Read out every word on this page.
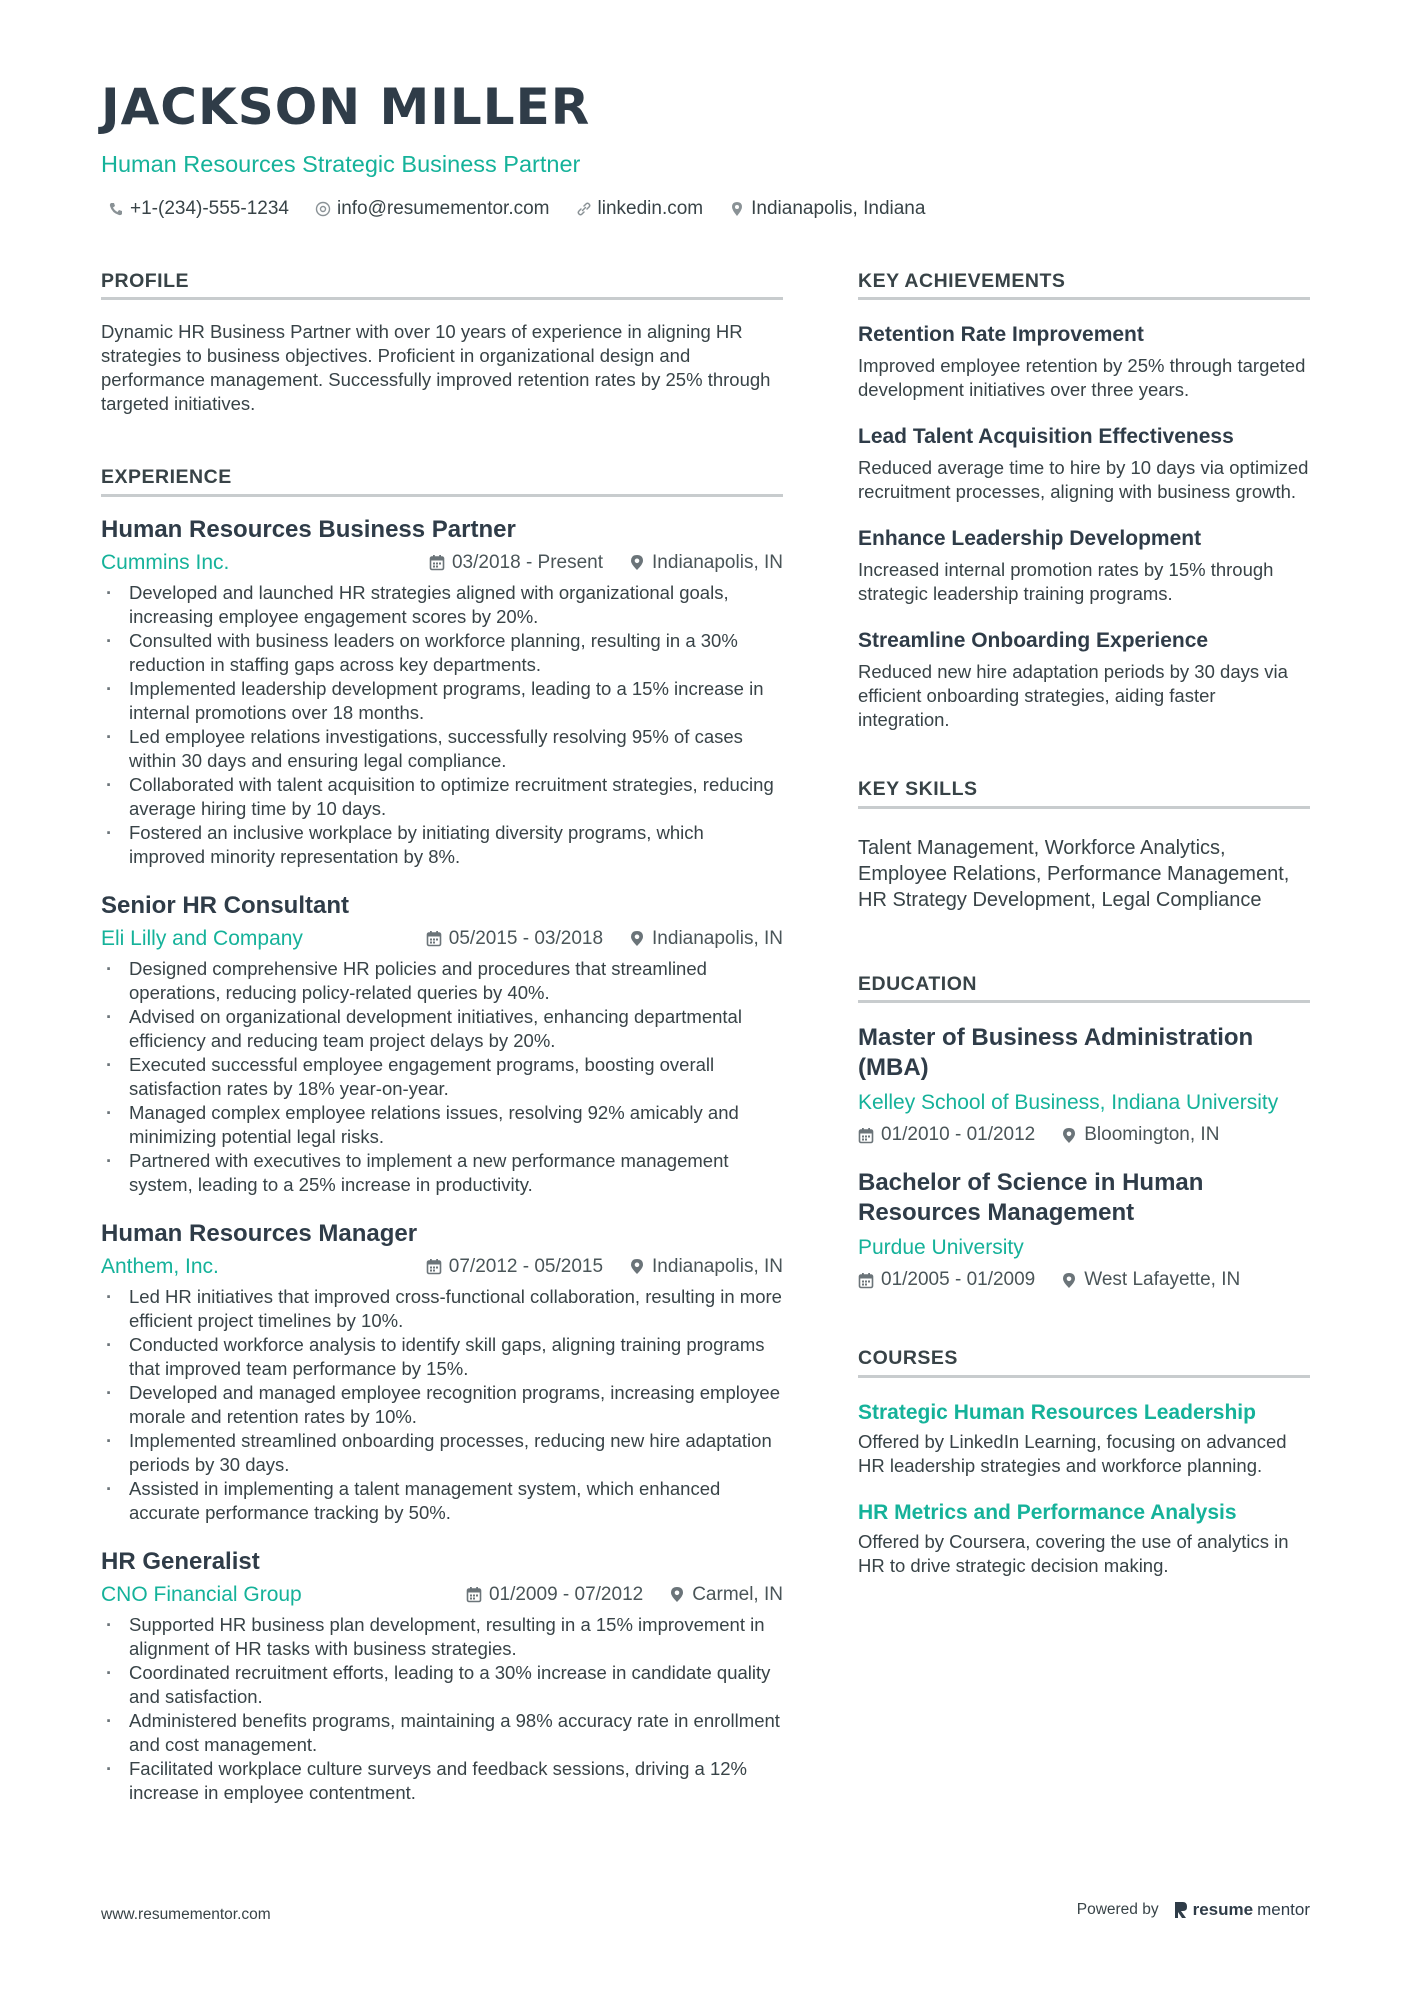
JACKSON MILLER
Human Resources Strategic Business Partner
+1-(234)-555-1234	info@resumementor.com	linkedin.com	Indianapolis, Indiana
PROFILE

Dynamic HR Business Partner with over 10 years of experience in aligning HR strategies to business objectives. Proficient in organizational design and performance management. Successfully improved retention rates by 25% through targeted initiatives.

EXPERIENCE
Human Resources Business Partner
Cummins Inc.	03/2018 - Present	Indianapolis, IN
· Developed and launched HR strategies aligned with organizational goals, increasing employee engagement scores by 20%.
· Consulted with business leaders on workforce planning, resulting in a 30% reduction in staffing gaps across key departments.
· Implemented leadership development programs, leading to a 15% increase in internal promotions over 18 months.
· Led employee relations investigations, successfully resolving 95% of cases within 30 days and ensuring legal compliance.
· Collaborated with talent acquisition to optimize recruitment strategies, reducing average hiring time by 10 days.
· Fostered an inclusive workplace by initiating diversity programs, which improved minority representation by 8%.
Senior HR Consultant
Eli Lilly and Company	05/2015 - 03/2018	Indianapolis, IN
· Designed comprehensive HR policies and procedures that streamlined operations, reducing policy-related queries by 40%.
· Advised on organizational development initiatives, enhancing departmental efficiency and reducing team project delays by 20%.
· Executed successful employee engagement programs, boosting overall satisfaction rates by 18% year-on-year.
· Managed complex employee relations issues, resolving 92% amicably and minimizing potential legal risks.
· Partnered with executives to implement a new performance management system, leading to a 25% increase in productivity.
Human Resources Manager
Anthem, Inc.	07/2012 - 05/2015	Indianapolis, IN
· Led HR initiatives that improved cross-functional collaboration, resulting in more efficient project timelines by 10%.
· Conducted workforce analysis to identify skill gaps, aligning training programs that improved team performance by 15%.
· Developed and managed employee recognition programs, increasing employee morale and retention rates by 10%.
· Implemented streamlined onboarding processes, reducing new hire adaptation periods by 30 days.
· Assisted in implementing a talent management system, which enhanced accurate performance tracking by 50%.
HR Generalist
CNO Financial Group	01/2009 - 07/2012	Carmel, IN
· Supported HR business plan development, resulting in a 15% improvement in alignment of HR tasks with business strategies.
· Coordinated recruitment efforts, leading to a 30% increase in candidate quality and satisfaction.
· Administered benefits programs, maintaining a 98% accuracy rate in enrollment and cost management.
· Facilitated workplace culture surveys and feedback sessions, driving a 12% increase in employee contentment.
KEY ACHIEVEMENTS
Retention Rate Improvement

Improved employee retention by 25% through targeted development initiatives over three years.

Lead Talent Acquisition Effectiveness

Reduced average time to hire by 10 days via optimized recruitment processes, aligning with business growth.

Enhance Leadership Development

Increased internal promotion rates by 15% through strategic leadership training programs.

Streamline Onboarding Experience

Reduced new hire adaptation periods by 30 days via efficient onboarding strategies, aiding faster integration.

KEY SKILLS

Talent Management, Workforce Analytics, Employee Relations, Performance Management, HR Strategy Development, Legal Compliance

EDUCATION
Master of Business Administration (MBA)

Kelley School of Business, Indiana University

01/2010 - 01/2012	Bloomington, IN
Bachelor of Science in Human Resources Management

Purdue University

01/2005 - 01/2009	West Lafayette, IN
COURSES
Strategic Human Resources Leadership

Offered by LinkedIn Learning, focusing on advanced HR leadership strategies and workforce planning.

HR Metrics and Performance Analysis

Offered by Coursera, covering the use of analytics in HR to drive strategic decision making.

www.resumementor.com	Powered by resume mentor
